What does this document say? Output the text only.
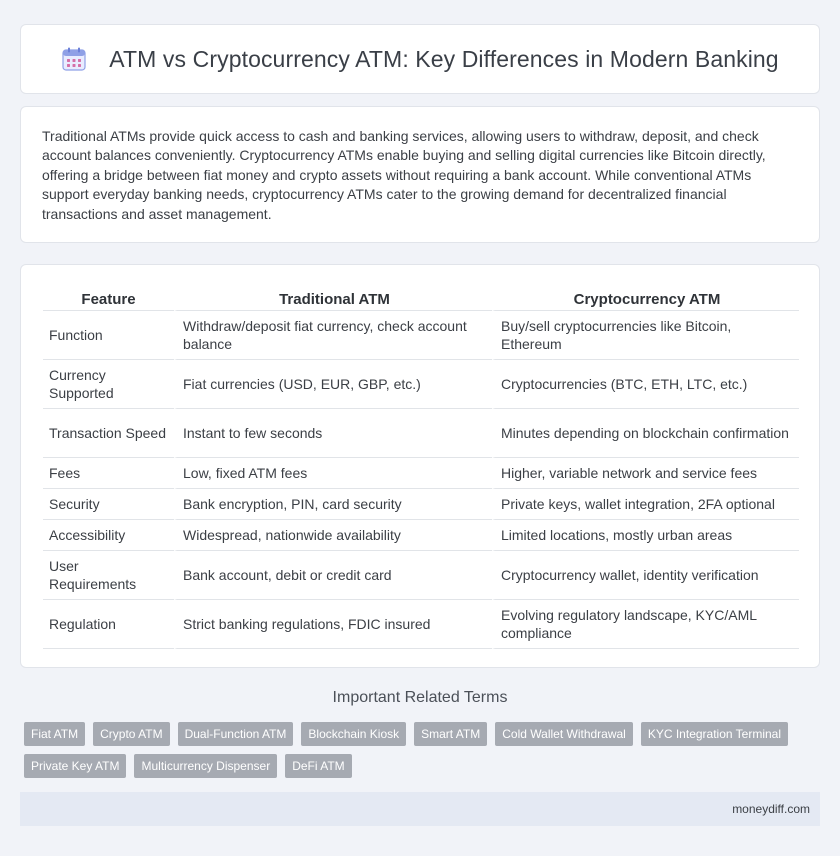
ATM vs Cryptocurrency ATM: Key Differences in Modern Banking

Traditional ATMs provide quick access to cash and banking services, allowing users to withdraw, deposit, and check account balances conveniently. Cryptocurrency ATMs enable buying and selling digital currencies like Bitcoin directly, offering a bridge between fiat money and crypto assets without requiring a bank account. While conventional ATMs support everyday banking needs, cryptocurrency ATMs cater to the growing demand for decentralized financial transactions and asset management.

Feature	Traditional ATM	Cryptocurrency ATM
Function	Withdraw/deposit fiat currency, check account balance	Buy/sell cryptocurrencies like Bitcoin, Ethereum
Currency Supported	Fiat currencies (USD, EUR, GBP, etc.)	Cryptocurrencies (BTC, ETH, LTC, etc.)
Transaction Speed	Instant to few seconds	Minutes depending on blockchain confirmation
Fees	Low, fixed ATM fees	Higher, variable network and service fees
Security	Bank encryption, PIN, card security	Private keys, wallet integration, 2FA optional
Accessibility	Widespread, nationwide availability	Limited locations, mostly urban areas
User Requirements	Bank account, debit or credit card	Cryptocurrency wallet, identity verification
Regulation	Strict banking regulations, FDIC insured	Evolving regulatory landscape, KYC/AML compliance
Important Related Terms
Fiat ATM	Crypto ATM	Dual-Function ATM	Blockchain Kiosk	Smart ATM	Cold Wallet Withdrawal	KYC Integration Terminal
Private Key ATM	Multicurrency Dispenser	DeFi ATM
moneydiff.com
